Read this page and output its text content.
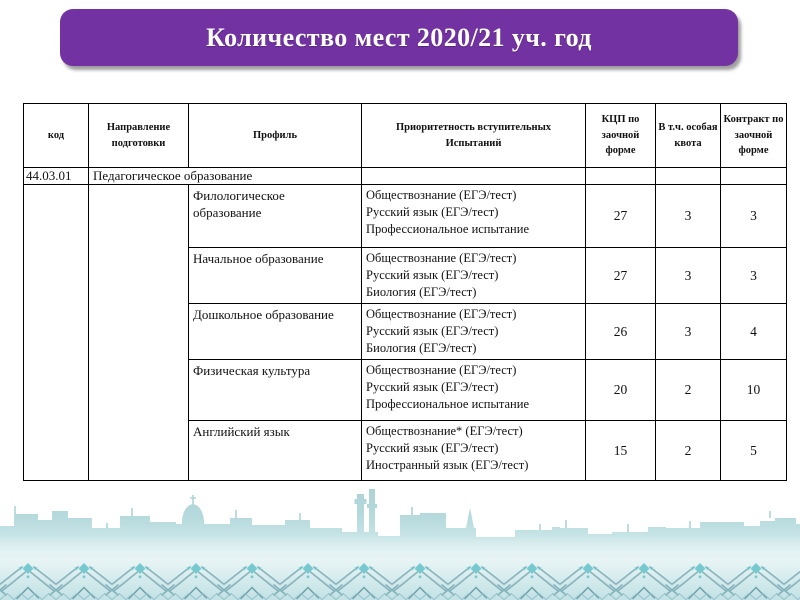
Количество мест 2020/21 уч. год
код	Направление подготовки	Профиль	Приоритетность вступительных Испытаний	КЦП по заочной форме	В т.ч. особая квота	Контракт по заочной форме
44.03.01	Педагогическое образование					

		Филологическое образование	Обществознание (ЕГЭ/тест)
Русский язык (ЕГЭ/тест)
Профессиональное испытание	27	3	3

		Начальное образование	Обществознание (ЕГЭ/тест)
Русский язык (ЕГЭ/тест)
Биология (ЕГЭ/тест)	27	3	3

		Дошкольное образование	Обществознание (ЕГЭ/тест)
Русский язык (ЕГЭ/тест)
Биология (ЕГЭ/тест)	26	3	4

		Физическая культура	Обществознание (ЕГЭ/тест)
Русский язык (ЕГЭ/тест)
Профессиональное испытание	20	2	10

		Английский язык	Обществознание* (ЕГЭ/тест)
Русский язык (ЕГЭ/тест)
Иностранный язык (ЕГЭ/тест)	15	2	5
